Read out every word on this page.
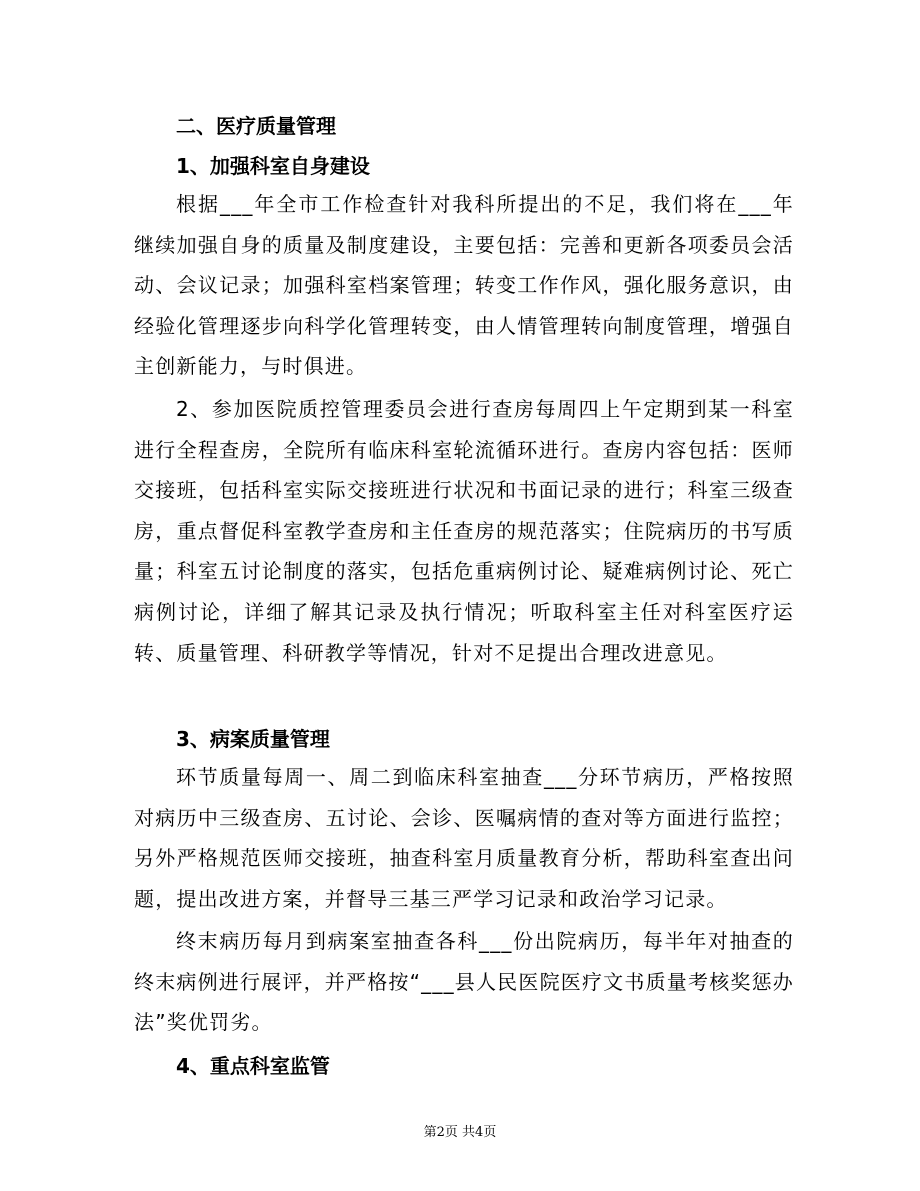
二、医疗质量管理
1、加强科室自身建设
根据___年全市工作检查针对我科所提出的不足，我们将在___年继续加强自身的质量及制度建设，主要包括：完善和更新各项委员会活动、会议记录；加强科室档案管理；转变工作作风，强化服务意识，由经验化管理逐步向科学化管理转变，由人情管理转向制度管理，增强自主创新能力，与时俱进。
2、参加医院质控管理委员会进行查房每周四上午定期到某一科室进行全程查房，全院所有临床科室轮流循环进行。查房内容包括：医师交接班，包括科室实际交接班进行状况和书面记录的进行；科室三级查房，重点督促科室教学查房和主任查房的规范落实；住院病历的书写质量；科室五讨论制度的落实，包括危重病例讨论、疑难病例讨论、死亡病例讨论，详细了解其记录及执行情况；听取科室主任对科室医疗运转、质量管理、科研教学等情况，针对不足提出合理改进意见。
3、病案质量管理
环节质量每周一、周二到临床科室抽查___分环节病历，严格按照对病历中三级查房、五讨论、会诊、医嘱病情的查对等方面进行监控；另外严格规范医师交接班，抽查科室月质量教育分析，帮助科室查出问题，提出改进方案，并督导三基三严学习记录和政治学习记录。
终末病历每月到病案室抽查各科___份出院病历，每半年对抽查的终末病例进行展评，并严格按“___县人民医院医疗文书质量考核奖惩办法”奖优罚劣。
4、重点科室监管
第2页 共4页
